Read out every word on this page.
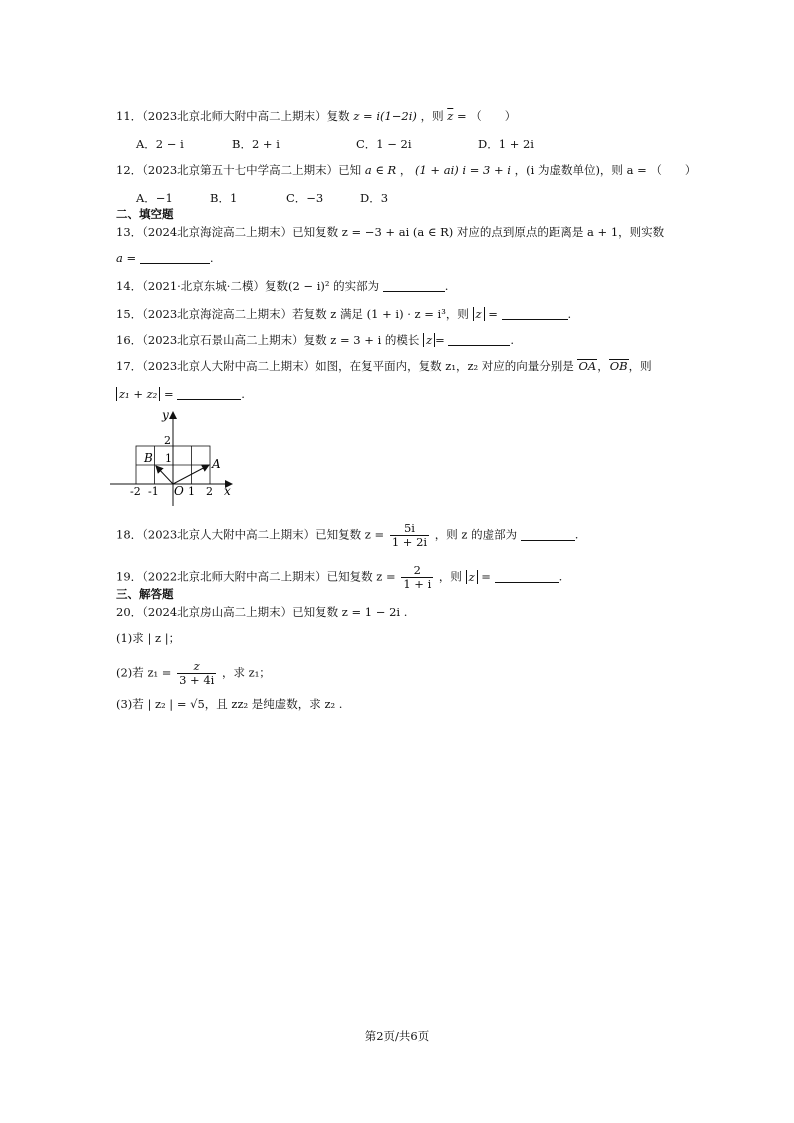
11．（2023北京北师大附中高二上期末）复数 z = i(1−2i) ，则 $\overline{z}$ = （　　）
A．2 − i	B．2 + i	C．1 − 2i	D．1 + 2i
12．（2023北京第五十七中学高二上期末）已知 a ∈ R ， (1 + ai) i = 3 + i ，(i 为虚数单位)，则 a = （　　）
A．−1	B．1	C．−3	D．3
二、填空题
13．（2024北京海淀高二上期末）已知复数 z = −3 + ai (a ∈ R) 对应的点到原点的距离是 a + 1，则实数
a =	.
14．（2021·北京东城·二模）复数(2 − i)² 的实部为	.
15．（2023北京海淀高二上期末）若复数 z 满足 (1 + i) · z = i³，则 z =	.
16．（2023北京石景山高二上期末）复数 z = 3 + i 的模长 z =	.
17．（2023北京人大附中高二上期末）如图，在复平面内，复数 z₁，z₂ 对应的向量分别是 OA，OB，则
z₁ + z₂ =	.
y
x
O
2
1
-2 -1	1 2
A
B
18．（2023北京人大附中高二上期末）已知复数 $z = \frac{5i}{1 + 2i}$ ，则 z 的虚部为	.
19．（2022北京北师大附中高二上期末）已知复数 $z = \frac{2}{1 + i}$ ，则 z =	.
三、解答题
20．（2024北京房山高二上期末）已知复数 z = 1 − 2i .
(1)求 | z |；
(2)若 $z_1 = \frac{z}{3 + 4i}$ ，求 z₁；
(3)若 | z₂ | = √5，且 zz₂ 是纯虚数，求 z₂ .
第2页/共6页
